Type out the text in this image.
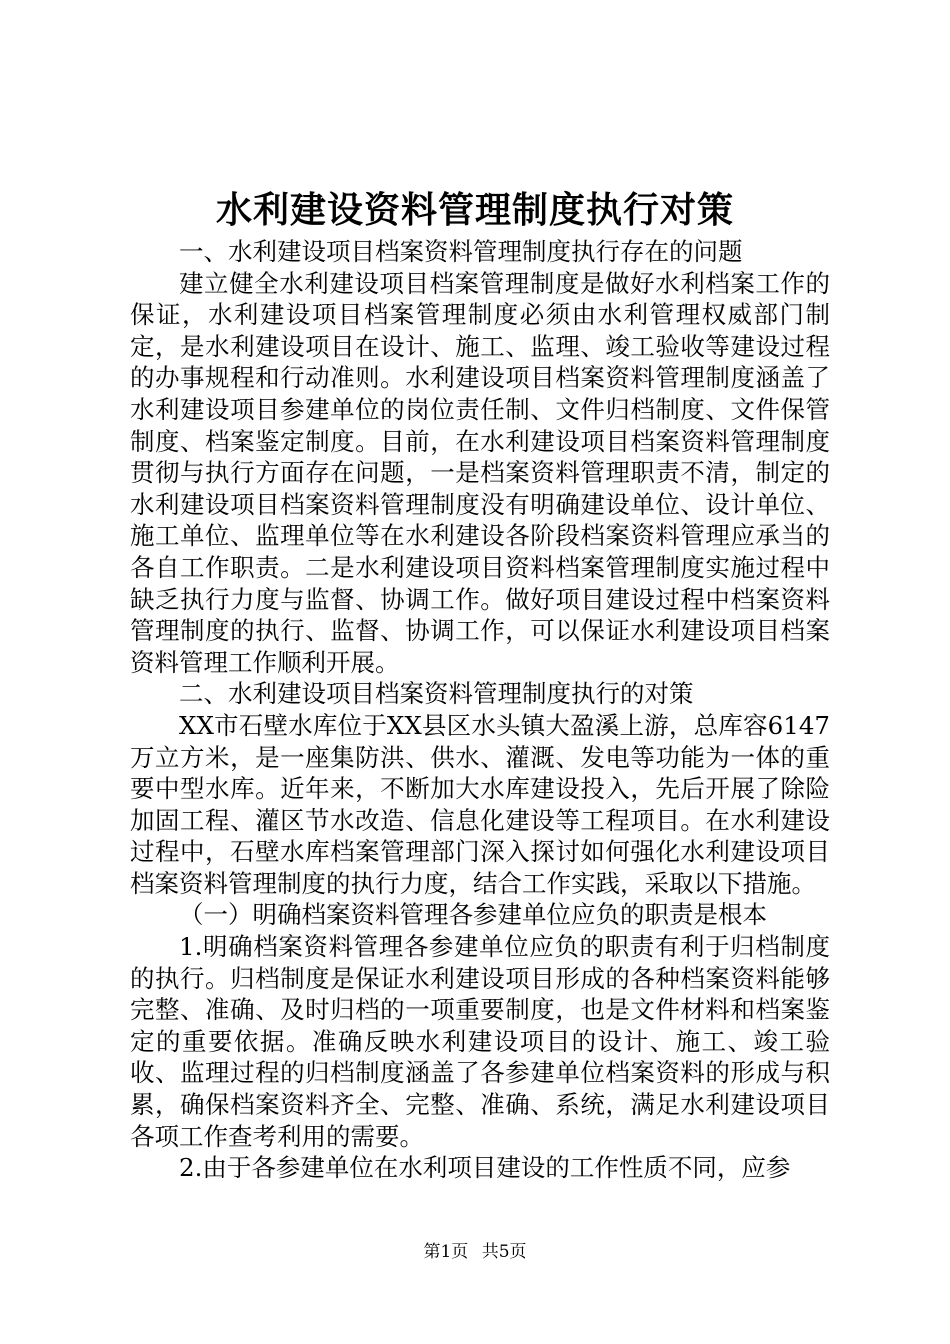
水利建设资料管理制度执行对策

一、水利建设项目档案资料管理制度执行存在的问题

建立健全水利建设项目档案管理制度是做好水利档案工作的保证，水利建设项目档案管理制度必须由水利管理权威部门制定，是水利建设项目在设计、施工、监理、竣工验收等建设过程的办事规程和行动准则。水利建设项目档案资料管理制度涵盖了水利建设项目参建单位的岗位责任制、文件归档制度、文件保管制度、档案鉴定制度。目前，在水利建设项目档案资料管理制度贯彻与执行方面存在问题，一是档案资料管理职责不清，制定的水利建设项目档案资料管理制度没有明确建设单位、设计单位、施工单位、监理单位等在水利建设各阶段档案资料管理应承当的各自工作职责。二是水利建设项目资料档案管理制度实施过程中缺乏执行力度与监督、协调工作。做好项目建设过程中档案资料管理制度的执行、监督、协调工作，可以保证水利建设项目档案资料管理工作顺利开展。

二、水利建设项目档案资料管理制度执行的对策

XX市石壁水库位于XX县区水头镇大盈溪上游，总库容6147万立方米，是一座集防洪、供水、灌溉、发电等功能为一体的重要中型水库。近年来，不断加大水库建设投入，先后开展了除险加固工程、灌区节水改造、信息化建设等工程项目。在水利建设过程中，石壁水库档案管理部门深入探讨如何强化水利建设项目档案资料管理制度的执行力度，结合工作实践，采取以下措施。

（一）明确档案资料管理各参建单位应负的职责是根本

1.明确档案资料管理各参建单位应负的职责有利于归档制度的执行。归档制度是保证水利建设项目形成的各种档案资料能够完整、准确、及时归档的一项重要制度，也是文件材料和档案鉴定的重要依据。准确反映水利建设项目的设计、施工、竣工验收、监理过程的归档制度涵盖了各参建单位档案资料的形成与积累，确保档案资料齐全、完整、准确、系统，满足水利建设项目各项工作查考利用的需要。

2.由于各参建单位在水利项目建设的工作性质不同，应参

第1页 共5页
